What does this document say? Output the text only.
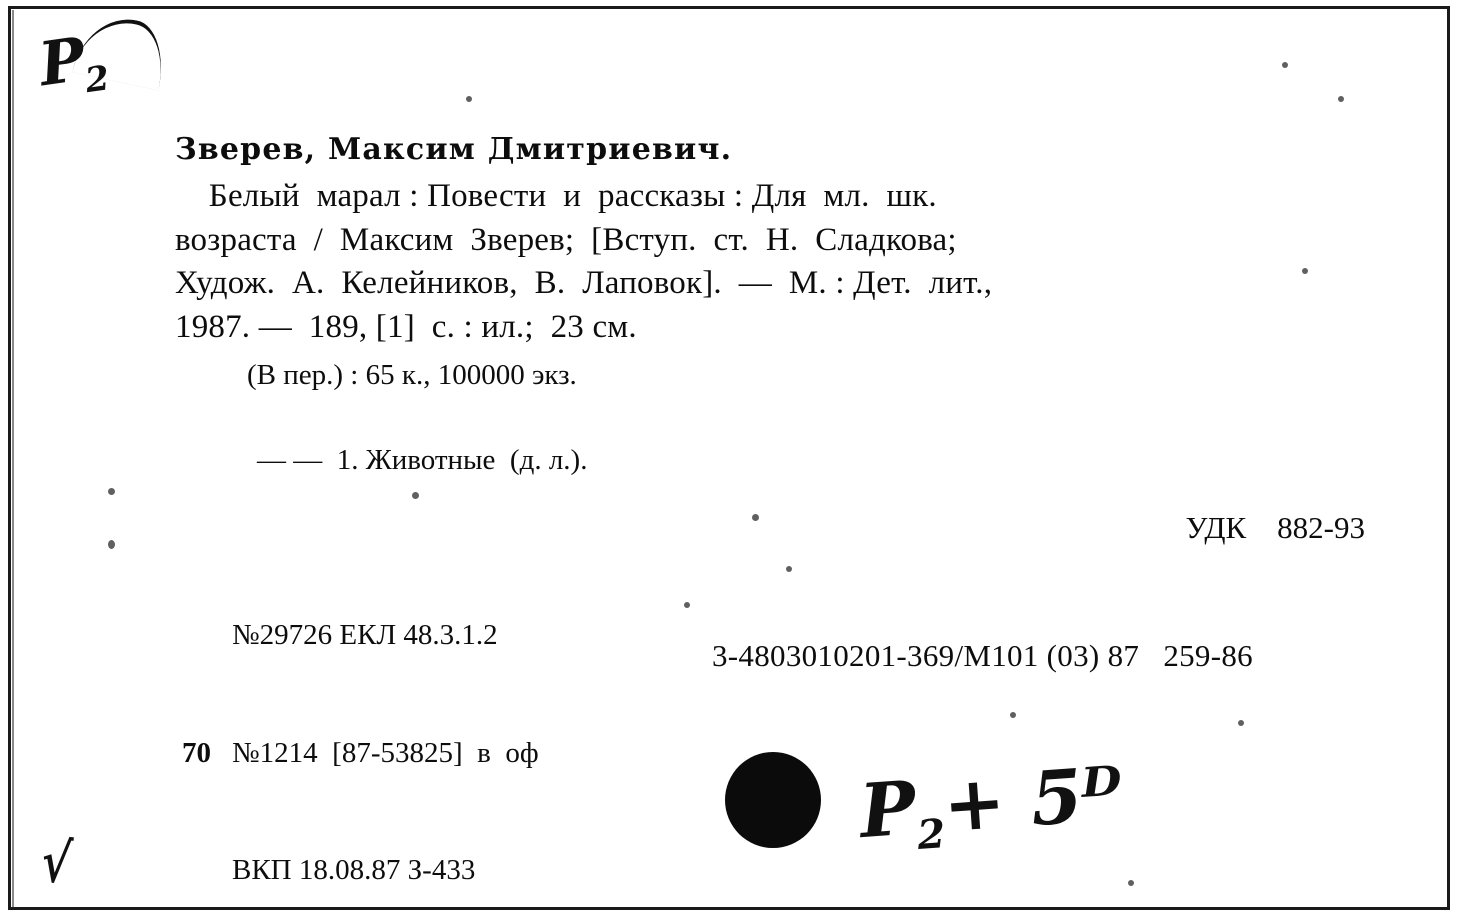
$P_2$
√
$P_2+$ 5ᴰ

Зверев, Максим Дмитриевич.

Белый  марал : Повести  и  рассказы : Для  мл.  шк.
возраста  /  Максим  Зверев;  [Вступ.  ст.  Н.  Сладкова;
Худож.  А.  Келейников,  В.  Лаповок].  —  М. : Дет.  лит.,
1987. —  189, [1]  с. : ил.;  23 см.
(В пер.) : 65 к., 100000 экз.
— —  1. Животные  (д. л.).
УДК    882-93

№29726 ЕКЛ 48.3.1.2

70 №1214  [87-53825]  в  оф

ВКП 18.08.87 З-433

3-4803010201-369/М101 (03) 87   259-86
